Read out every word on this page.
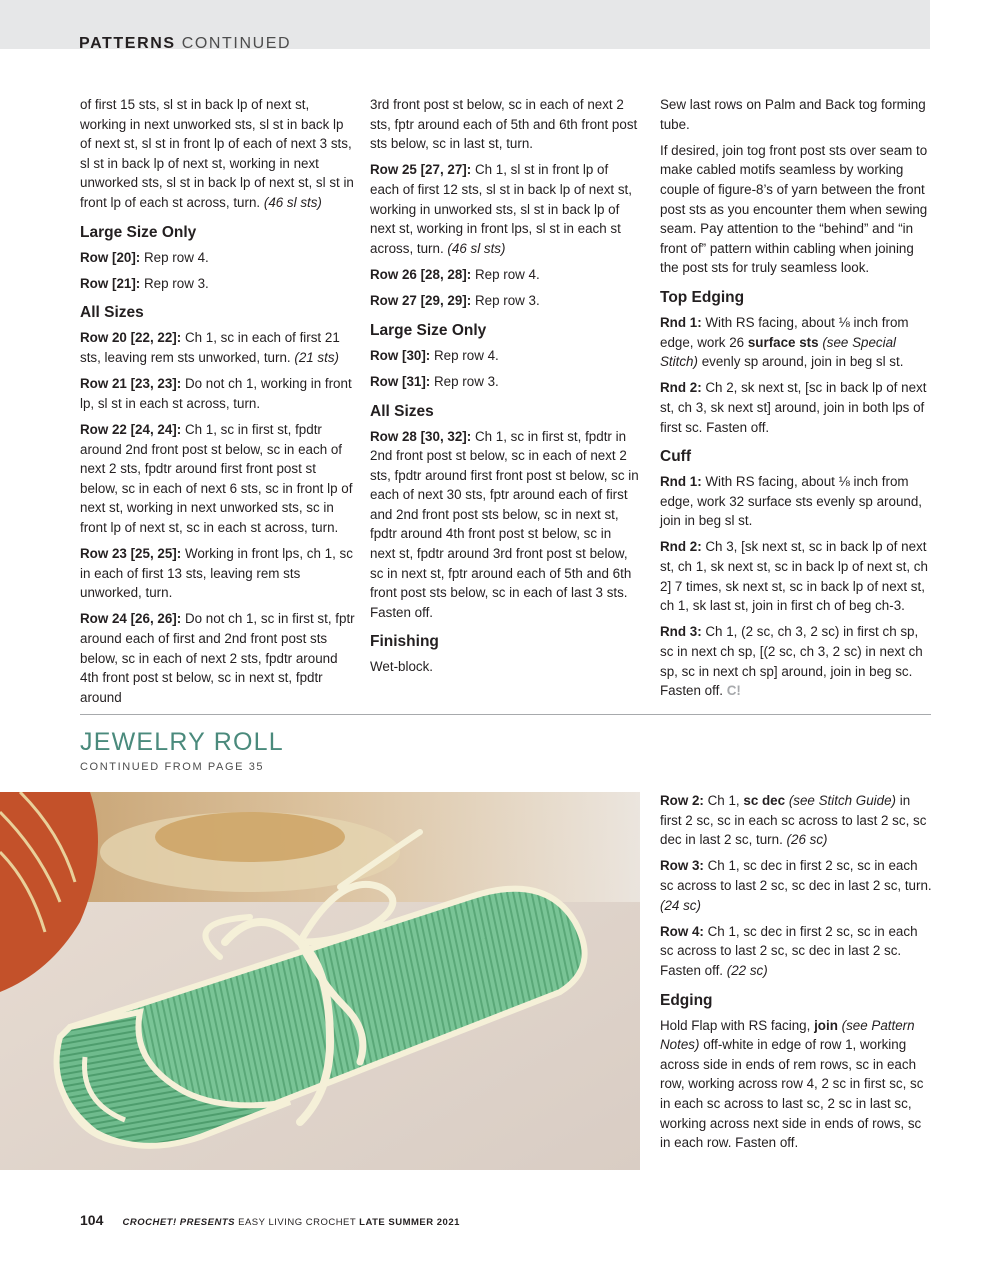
PATTERNS CONTINUED

of first 15 sts, sl st in back lp of next st, working in next unworked sts, sl st in back lp of next st, sl st in front lp of each of next 3 sts, sl st in back lp of next st, working in next unworked sts, sl st in back lp of next st, sl st in front lp of each st across, turn. (46 sl sts)

Large Size Only

Row [20]: Rep row 4.

Row [21]: Rep row 3.

All Sizes

Row 20 [22, 22]: Ch 1, sc in each of first 21 sts, leaving rem sts unworked, turn. (21 sts)

Row 21 [23, 23]: Do not ch 1, working in front lp, sl st in each st across, turn.

Row 22 [24, 24]: Ch 1, sc in first st, fpdtr around 2nd front post st below, sc in each of next 2 sts, fpdtr around first front post st below, sc in each of next 6 sts, sc in front lp of next st, working in next unworked sts, sc in front lp of next st, sc in each st across, turn.

Row 23 [25, 25]: Working in front lps, ch 1, sc in each of first 13 sts, leaving rem sts unworked, turn.

Row 24 [26, 26]: Do not ch 1, sc in first st, fptr around each of first and 2nd front post sts below, sc in each of next 2 sts, fpdtr around 4th front post st below, sc in next st, fpdtr around

3rd front post st below, sc in each of next 2 sts, fptr around each of 5th and 6th front post sts below, sc in last st, turn.

Row 25 [27, 27]: Ch 1, sl st in front lp of each of first 12 sts, sl st in back lp of next st, working in unworked sts, sl st in back lp of next st, working in front lps, sl st in each st across, turn. (46 sl sts)

Row 26 [28, 28]: Rep row 4.

Row 27 [29, 29]: Rep row 3.

Large Size Only

Row [30]: Rep row 4.

Row [31]: Rep row 3.

All Sizes

Row 28 [30, 32]: Ch 1, sc in first st, fpdtr in 2nd front post st below, sc in each of next 2 sts, fpdtr around first front post st below, sc in each of next 30 sts, fptr around each of first and 2nd front post sts below, sc in next st, fpdtr around 4th front post st below, sc in next st, fpdtr around 3rd front post st below, sc in next st, fptr around each of 5th and 6th front post sts below, sc in each of last 3 sts. Fasten off.

Finishing

Wet-block.

Sew last rows on Palm and Back tog forming tube.

If desired, join tog front post sts over seam to make cabled motifs seamless by working couple of figure-8’s of yarn between the front post sts as you encounter them when sewing seam. Pay attention to the “behind” and “in front of” pattern within cabling when joining the post sts for truly seamless look.

Top Edging

Rnd 1: With RS facing, about ⅛ inch from edge, work 26 surface sts (see Special Stitch) evenly sp around, join in beg sl st.

Rnd 2: Ch 2, sk next st, [sc in back lp of next st, ch 3, sk next st] around, join in both lps of first sc. Fasten off.

Cuff

Rnd 1: With RS facing, about ⅛ inch from edge, work 32 surface sts evenly sp around, join in beg sl st.

Rnd 2: Ch 3, [sk next st, sc in back lp of next st, ch 1, sk next st, sc in back lp of next st, ch 2] 7 times, sk next st, sc in back lp of next st, ch 1, sk last st, join in first ch of beg ch-3.

Rnd 3: Ch 1, (2 sc, ch 3, 2 sc) in first ch sp, sc in next ch sp, [(2 sc, ch 3, 2 sc) in next ch sp, sc in next ch sp] around, join in beg sc. Fasten off. C!

JEWELRY ROLL
CONTINUED FROM PAGE 35

Row 2: Ch 1, sc dec (see Stitch Guide) in first 2 sc, sc in each sc across to last 2 sc, sc dec in last 2 sc, turn. (26 sc)

Row 3: Ch 1, sc dec in first 2 sc, sc in each sc across to last 2 sc, sc dec in last 2 sc, turn. (24 sc)

Row 4: Ch 1, sc dec in first 2 sc, sc in each sc across to last 2 sc, sc dec in last 2 sc. Fasten off. (22 sc)

Edging

Hold Flap with RS facing, join (see Pattern Notes) off-white in edge of row 1, working across side in ends of rem rows, sc in each row, working across row 4, 2 sc in first sc, sc in each sc across to last sc, 2 sc in last sc, working across next side in ends of rows, sc in each row. Fasten off.

104 CROCHET! PRESENTS EASY LIVING CROCHET LATE SUMMER 2021
